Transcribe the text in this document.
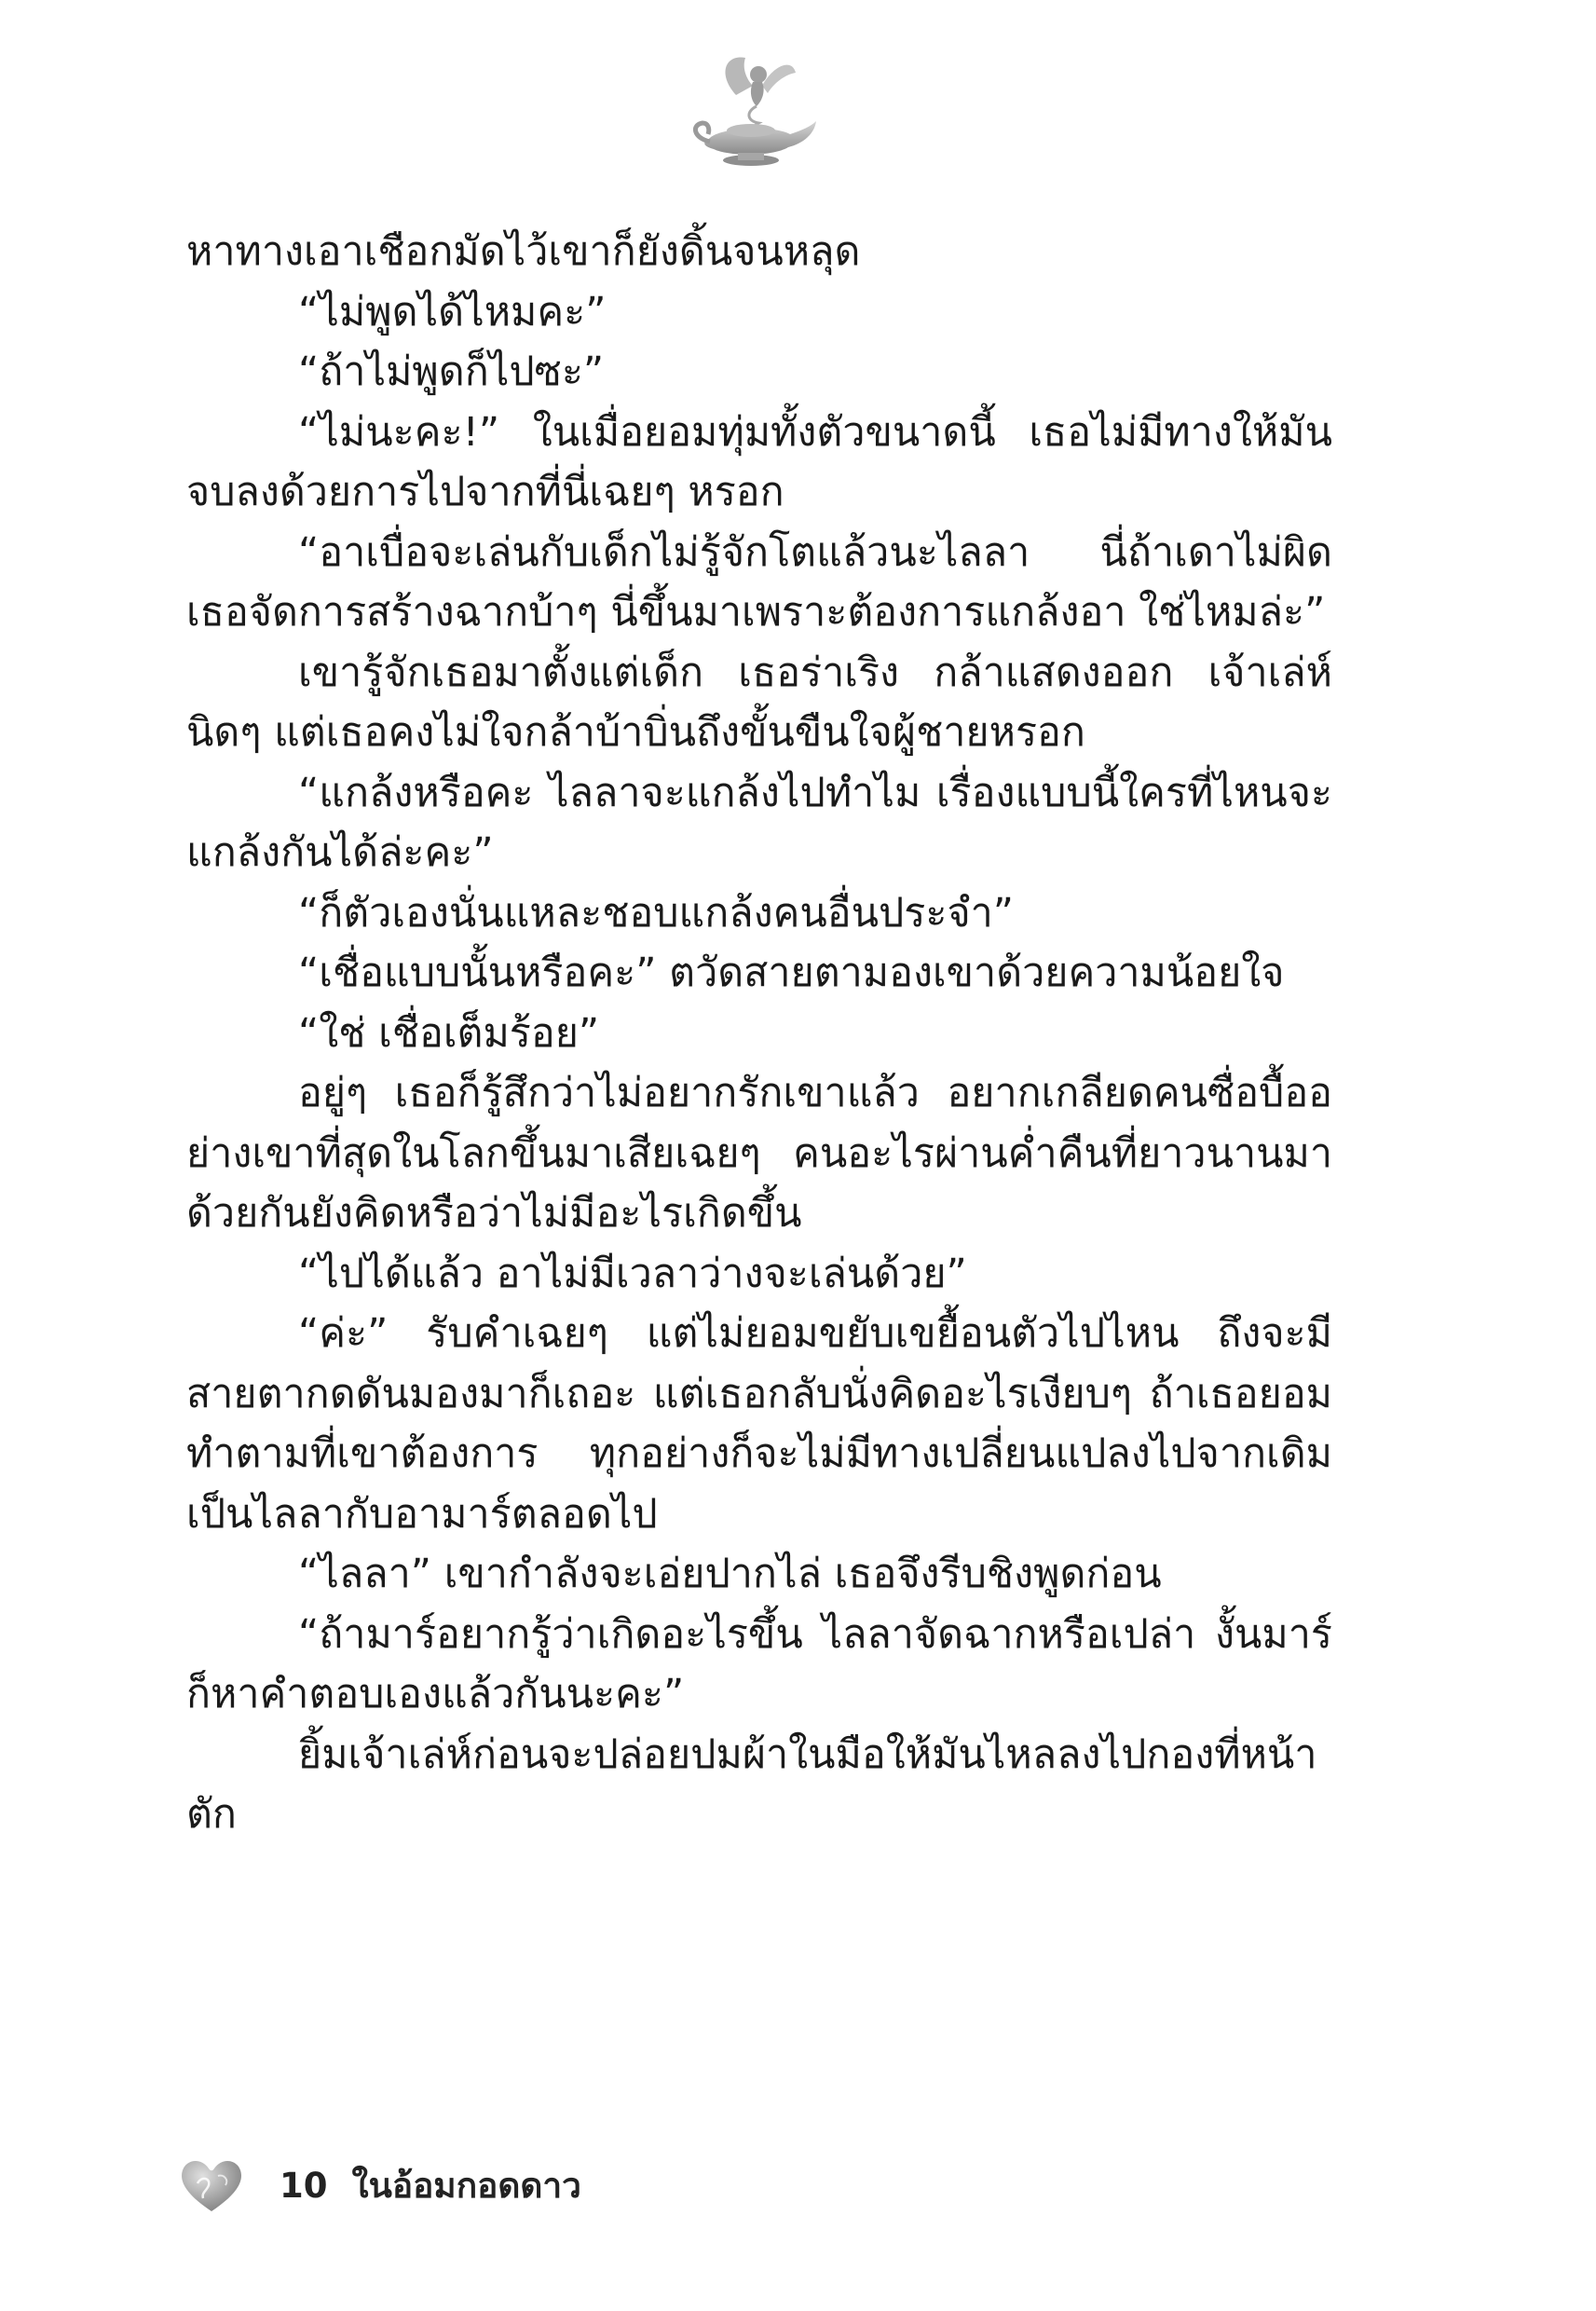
หาทางเอาเชือกมัดไว้เขาก็ยังดิ้นจนหลุด

“ไม่พูดได้ไหมคะ”

“ถ้าไม่พูดก็ไปซะ”

“ไม่นะคะ!” ในเมื่อยอมทุ่มทั้งตัวขนาดนี้ เธอไม่มีทางให้มันจบลงด้วยการไปจากที่นี่เฉยๆ หรอก

“อาเบื่อจะเล่นกับเด็กไม่รู้จักโตแล้วนะไลลา นี่ถ้าเดาไม่ผิด เธอจัดการสร้างฉากบ้าๆ นี่ขึ้นมาเพราะต้องการแกล้งอา ใช่ไหมล่ะ”

เขารู้จักเธอมาตั้งแต่เด็ก เธอร่าเริง กล้าแสดงออก เจ้าเล่ห์นิดๆ แต่เธอคงไม่ใจกล้าบ้าบิ่นถึงขั้นขืนใจผู้ชายหรอก

“แกล้งหรือคะ ไลลาจะแกล้งไปทำไม เรื่องแบบนี้ใครที่ไหนจะแกล้งกันได้ล่ะคะ”

“ก็ตัวเองนั่นแหละชอบแกล้งคนอื่นประจำ”

“เชื่อแบบนั้นหรือคะ” ตวัดสายตามองเขาด้วยความน้อยใจ

“ใช่ เชื่อเต็มร้อย”

อยู่ๆ เธอก็รู้สึกว่าไม่อยากรักเขาแล้ว อยากเกลียดคนซื่อบื้ออย่างเขาที่สุดในโลกขึ้นมาเสียเฉยๆ คนอะไรผ่านค่ำคืนที่ยาวนานมาด้วยกันยังคิดหรือว่าไม่มีอะไรเกิดขึ้น

“ไปได้แล้ว อาไม่มีเวลาว่างจะเล่นด้วย”

“ค่ะ” รับคำเฉยๆ แต่ไม่ยอมขยับเขยื้อนตัวไปไหน ถึงจะมีสายตากดดันมองมาก็เถอะ แต่เธอกลับนั่งคิดอะไรเงียบๆ ถ้าเธอยอมทำตามที่เขาต้องการ ทุกอย่างก็จะไม่มีทางเปลี่ยนแปลงไปจากเดิม เป็นไลลากับอามาร์ตลอดไป

“ไลลา” เขากำลังจะเอ่ยปากไล่ เธอจึงรีบชิงพูดก่อน

“ถ้ามาร์อยากรู้ว่าเกิดอะไรขึ้น ไลลาจัดฉากหรือเปล่า งั้นมาร์ก็หาคำตอบเองแล้วกันนะคะ”

ยิ้มเจ้าเล่ห์ก่อนจะปล่อยปมผ้าในมือให้มันไหลลงไปกองที่หน้าตัก

10 ในอ้อมกอดดาว
